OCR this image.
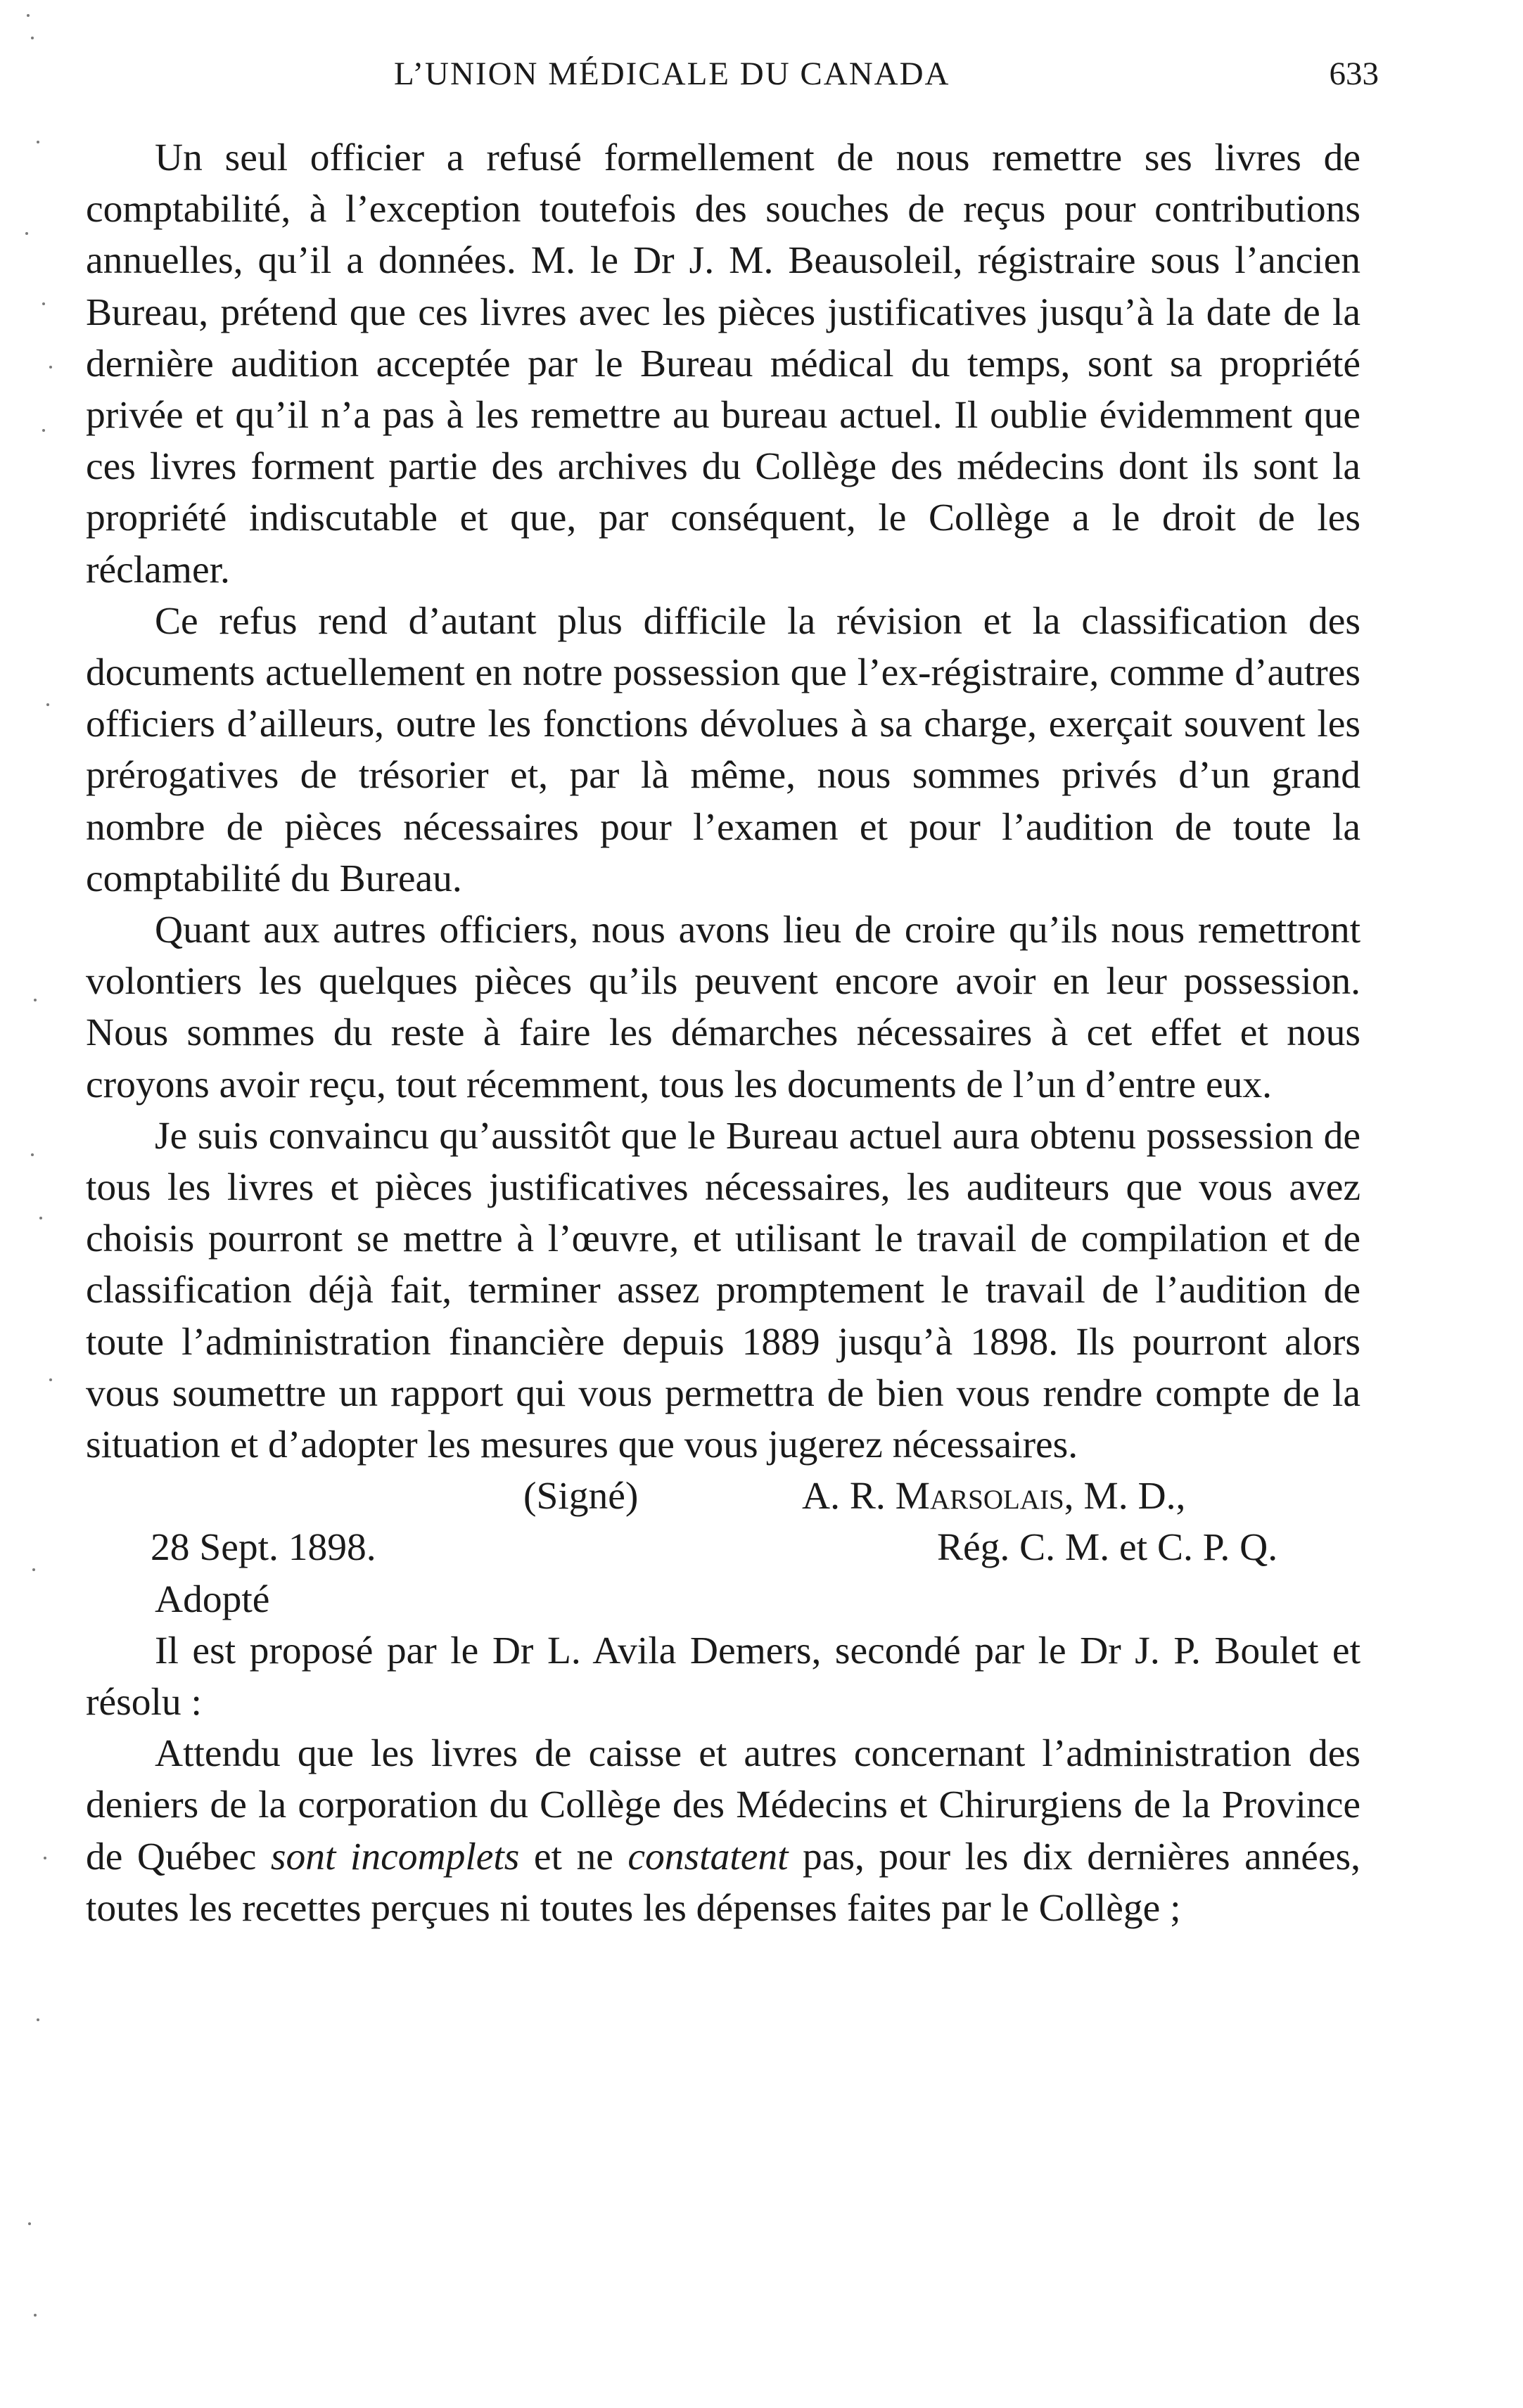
L’UNION MÉDICALE DU CANADA	633

Un seul officier a refusé formellement de nous remettre ses livres de comptabilité, à l’exception toutefois des souches de reçus pour contributions annuelles, qu’il a données. M. le Dr J. M. Beausoleil, régistraire sous l’ancien Bureau, prétend que ces livres avec les pièces justificatives jusqu’à la date de la dernière audition acceptée par le Bureau médical du temps, sont sa propriété privée et qu’il n’a pas à les remettre au bureau actuel. Il oublie évidemment que ces livres forment partie des archives du Collège des médecins dont ils sont la propriété indiscutable et que, par conséquent, le Collège a le droit de les réclamer.

Ce refus rend d’autant plus difficile la révision et la classification des documents actuellement en notre possession que l’ex-régistraire, comme d’autres officiers d’ailleurs, outre les fonctions dévolues à sa charge, exerçait souvent les prérogatives de trésorier et, par là même, nous sommes privés d’un grand nombre de pièces nécessaires pour l’examen et pour l’audition de toute la comptabilité du Bureau.

Quant aux autres officiers, nous avons lieu de croire qu’ils nous remettront volontiers les quelques pièces qu’ils peuvent encore avoir en leur possession. Nous sommes du reste à faire les démarches nécessaires à cet effet et nous croyons avoir reçu, tout récemment, tous les documents de l’un d’entre eux.

Je suis convaincu qu’aussitôt que le Bureau actuel aura obtenu possession de tous les livres et pièces justificatives nécessaires, les auditeurs que vous avez choisis pourront se mettre à l’œuvre, et utilisant le travail de compilation et de classification déjà fait, terminer assez promptement le travail de l’audition de toute l’administration financière depuis 1889 jusqu’à 1898. Ils pourront alors vous soumettre un rapport qui vous permettra de bien vous rendre compte de la situation et d’adopter les mesures que vous jugerez nécessaires.

(Signé)	A. R. Marsolais, M. D.,
28 Sept. 1898.	Rég. C. M. et C. P. Q.
Adopté

Il est proposé par le Dr L. Avila Demers, secondé par le Dr J. P. Boulet et résolu :

Attendu que les livres de caisse et autres concernant l’administration des deniers de la corporation du Collège des Médecins et Chirurgiens de la Province de Québec sont incomplets et ne constatent pas, pour les dix dernières années, toutes les recettes perçues ni toutes les dépenses faites par le Collège ;
